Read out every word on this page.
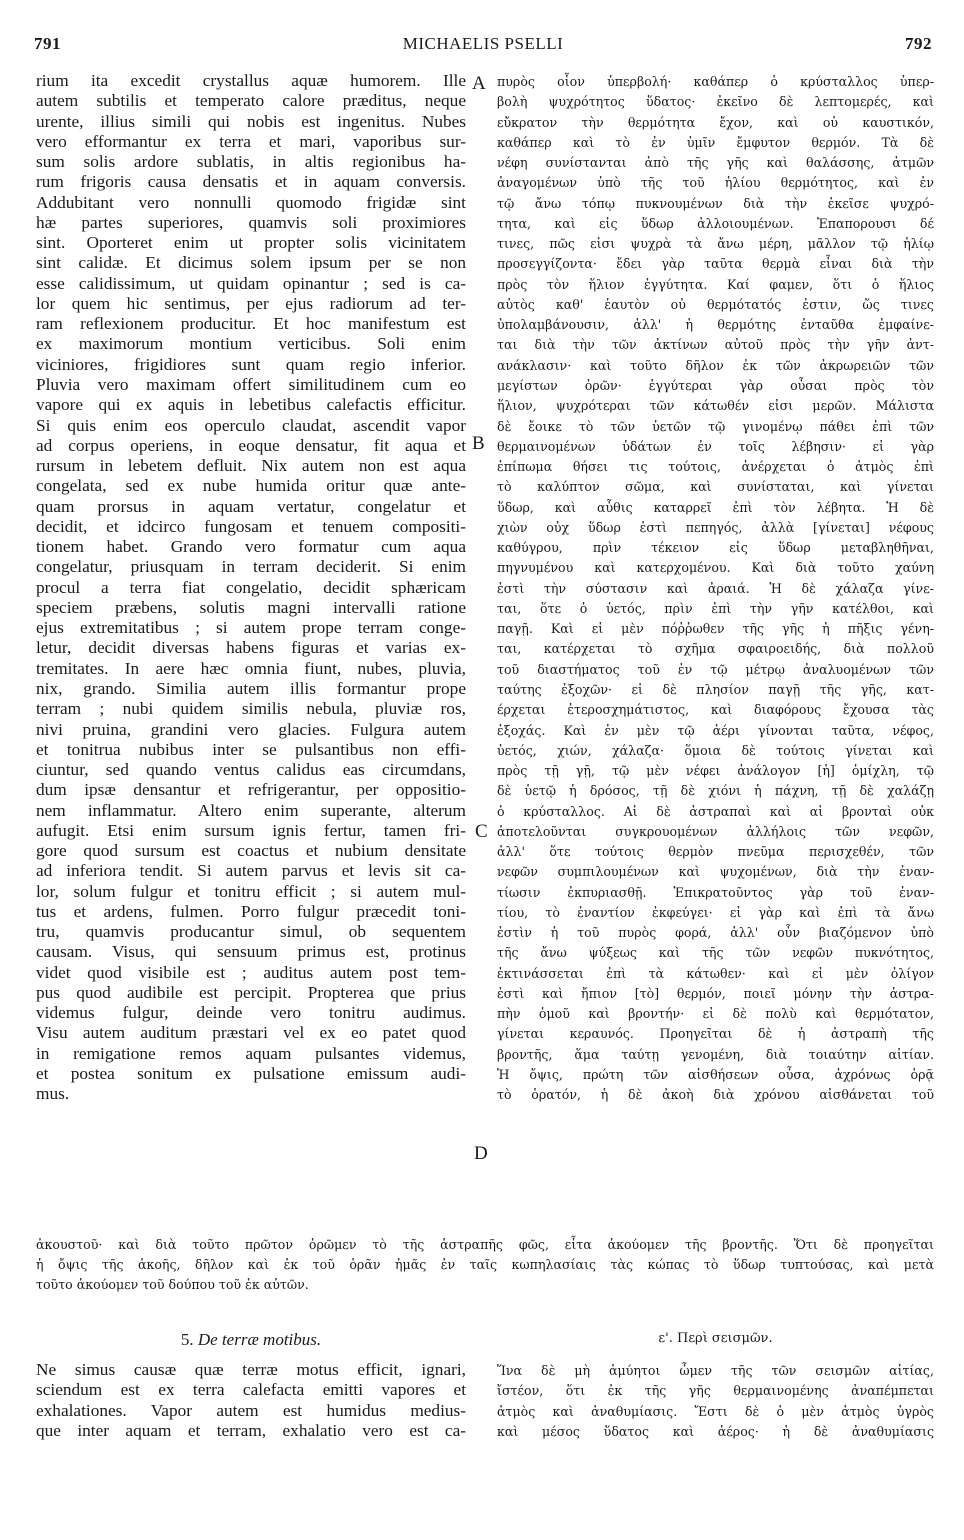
791	MICHAELIS PSELLI	792
A
B
C
D
rium ita excedit crystallus aquæ humorem. Ille
autem subtilis et temperato calore præditus, neque
urente, illius simili qui nobis est ingenitus. Nubes
vero efformantur ex terra et mari, vaporibus sur-
sum solis ardore sublatis, in altis regionibus ha-
rum frigoris causa densatis et in aquam conversis.
Addubitant vero nonnulli quomodo frigidæ sint
hæ partes superiores, quamvis soli proximiores
sint. Oporteret enim ut propter solis vicinitatem
sint calidæ. Et dicimus solem ipsum per se non
esse calidissimum, ut quidam opinantur ; sed is ca-
lor quem hic sentimus, per ejus radiorum ad ter-
ram reflexionem producitur. Et hoc manifestum est
ex maximorum montium verticibus. Soli enim
viciniores, frigidiores sunt quam regio inferior.
Pluvia vero maximam offert similitudinem cum eo
vapore qui ex aquis in lebetibus calefactis efficitur.
Si quis enim eos operculo claudat, ascendit vapor
ad corpus operiens, in eoque densatur, fit aqua et
rursum in lebetem defluit. Nix autem non est aqua
congelata, sed ex nube humida oritur quæ ante-
quam prorsus in aquam vertatur, congelatur et
decidit, et idcirco fungosam et tenuem compositi-
tionem habet. Grando vero formatur cum aqua
congelatur, priusquam in terram deciderit. Si enim
procul a terra fiat congelatio, decidit sphæricam
speciem præbens, solutis magni intervalli ratione
ejus extremitatibus ; si autem prope terram conge-
letur, decidit diversas habens figuras et varias ex-
tremitates. In aere hæc omnia fiunt, nubes, pluvia,
nix, grando. Similia autem illis formantur prope
terram ; nubi quidem similis nebula, pluviæ ros,
nivi pruina, grandini vero glacies. Fulgura autem
et tonitrua nubibus inter se pulsantibus non effi-
ciuntur, sed quando ventus calidus eas circumdans,
dum ipsæ densantur et refrigerantur, per oppositio-
nem inflammatur. Altero enim superante, alterum
aufugit. Etsi enim sursum ignis fertur, tamen fri-
gore quod sursum est coactus et nubium densitate
ad inferiora tendit. Si autem parvus et levis sit ca-
lor, solum fulgur et tonitru efficit ; si autem mul-
tus et ardens, fulmen. Porro fulgur præcedit toni-
tru, quamvis producantur simul, ob sequentem
causam. Visus, qui sensuum primus est, protinus
videt quod visibile est ; auditus autem post tem-
pus quod audibile est percipit. Propterea que prius
videmus fulgur, deinde vero tonitru audimus.
Visu autem auditum præstari vel ex eo patet quod
in remigatione remos aquam pulsantes videmus,
et postea sonitum ex pulsatione emissum audi-
mus.
πυρὸς οἷον ὑπερβολή· καθάπερ ὁ κρύσταλλος ὑπερ-
βολὴ ψυχρότητος ὕδατος· ἐκεῖνο δὲ λεπτομερές, καὶ
εὔκρατον τὴν θερμότητα ἔχον, καὶ οὐ καυστικόν,
καθάπερ καὶ τὸ ἐν ὑμῖν ἔμφυτον θερμόν. Τὰ δὲ
νέφη συνίστανται ἀπὸ τῆς γῆς καὶ θαλάσσης, ἀτμῶν
ἀναγομένων ὑπὸ τῆς τοῦ ἡλίου θερμότητος, καὶ ἐν
τῷ ἄνω τόπῳ πυκνουμένων διὰ τὴν ἐκεῖσε ψυχρό-
τητα, καὶ εἰς ὕδωρ ἀλλοιουμένων. Ἐπαπορουσι δέ
τινες, πῶς εἰσι ψυχρὰ τὰ ἄνω μέρη, μᾶλλον τῷ ἡλίῳ
προσεγγίζοντα· ἔδει γὰρ ταῦτα θερμὰ εἶναι διὰ τὴν
πρὸς τὸν ἥλιον ἐγγύτητα. Καί φαμεν, ὅτι ὁ ἥλιος
αὐτὸς καθ' ἑαυτὸν οὐ θερμότατός ἐστιν, ὥς τινες
ὑπολαμβάνουσιν, ἀλλ' ἡ θερμότης ἐνταῦθα ἐμφαίνε-
ται διὰ τὴν τῶν ἀκτίνων αὐτοῦ πρὸς τὴν γῆν ἀντ-
ανάκλασιν· καὶ τοῦτο δῆλον ἐκ τῶν ἀκρωρειῶν τῶν
μεγίστων ὀρῶν· ἐγγύτεραι γὰρ οὖσαι πρὸς τὸν
ἥλιον, ψυχρότεραι τῶν κάτωθέν εἰσι μερῶν. Μάλιστα
δὲ ἔοικε τὸ τῶν ὑετῶν τῷ γινομένῳ πάθει ἐπὶ τῶν
θερμαινομένων ὑδάτων ἐν τοῖς λέβησιν· εἰ γὰρ
ἐπίπωμα θήσει τις τούτοις, ἀνέρχεται ὁ ἀτμὸς ἐπὶ
τὸ καλύπτον σῶμα, καὶ συνίσταται, καὶ γίνεται
ὕδωρ, καὶ αὖθις καταρρεῖ ἐπὶ τὸν λέβητα. Ἡ δὲ
χιὼν οὐχ ὕδωρ ἐστὶ πεπηγός, ἀλλὰ [γίνεται] νέφους
καθύγρου, πρὶν τέκειον εἰς ὕδωρ μεταβληθῆναι,
πηγνυμένου καὶ κατερχομένου. Καὶ διὰ τοῦτο χαύνη
ἐστὶ τὴν σύστασιν καὶ ἀραιά. Ἡ δὲ χάλαζα γίνε-
ται, ὅτε ὁ ὑετός, πρὶν ἐπὶ τὴν γῆν κατέλθοι, καὶ
παγῇ. Καὶ εἰ μὲν πόῤῥωθεν τῆς γῆς ἡ πῆξις γένη-
ται, κατέρχεται τὸ σχῆμα σφαιροειδής, διὰ πολλοῦ
τοῦ διαστήματος τοῦ ἐν τῷ μέτρῳ ἀναλυομένων τῶν
ταύτης ἐξοχῶν· εἰ δὲ πλησίον παγῇ τῆς γῆς, κατ-
έρχεται ἑτεροσχημάτιστος, καὶ διαφόρους ἔχουσα τὰς
ἐξοχάς. Καὶ ἐν μὲν τῷ ἀέρι γίνονται ταῦτα, νέφος,
ὑετός, χιών, χάλαζα· ὅμοια δὲ τούτοις γίνεται καὶ
πρὸς τῇ γῇ, τῷ μὲν νέφει ἀνάλογον [ἡ] ὁμίχλη, τῷ
δὲ ὑετῷ ἡ δρόσος, τῇ δὲ χιόνι ἡ πάχνη, τῇ δὲ χαλάζῃ
ὁ κρύσταλλος. Αἱ δὲ ἀστραπαὶ καὶ αἱ βρονταὶ οὐκ
ἀποτελοῦνται συγκρουομένων ἀλλήλοις τῶν νεφῶν,
ἀλλ' ὅτε τούτοις θερμὸν πνεῦμα περισχεθέν, τῶν
νεφῶν συμπιλουμένων καὶ ψυχομένων, διὰ τὴν ἐναν-
τίωσιν ἐκπυριασθῇ. Ἐπικρατοῦντος γὰρ τοῦ ἐναν-
τίου, τὸ ἐναντίον ἐκφεύγει· εἰ γὰρ καὶ ἐπὶ τὰ ἄνω
ἐστὶν ἡ τοῦ πυρὸς φορά, ἀλλ' οὖν βιαζόμενον ὑπὸ
τῆς ἄνω ψύξεως καὶ τῆς τῶν νεφῶν πυκνότητος,
ἐκτινάσσεται ἐπὶ τὰ κάτωθεν· καὶ εἰ μὲν ὀλίγον
ἐστὶ καὶ ἤπιον [τὸ] θερμόν, ποιεῖ μόνην τὴν ἀστρα-
πὴν ὁμοῦ καὶ βροντήν· εἰ δὲ πολὺ καὶ θερμότατον,
γίνεται κεραυνός. Προηγεῖται δὲ ἡ ἀστραπὴ τῆς
βροντῆς, ἅμα ταύτῃ γενομένη, διὰ τοιαύτην αἰτίαν.
Ἡ ὄψις, πρώτη τῶν αἰσθήσεων οὖσα, ἀχρόνως ὁρᾷ
τὸ ὁρατόν, ἡ δὲ ἀκοὴ διὰ χρόνου αἰσθάνεται τοῦ
ἀκουστοῦ· καὶ διὰ τοῦτο πρῶτον ὁρῶμεν τὸ τῆς ἀστραπῆς φῶς, εἶτα ἀκούομεν τῆς βροντῆς. Ὅτι δὲ προηγεῖται
ἡ ὄψις τῆς ἀκοῆς, δῆλον καὶ ἐκ τοῦ ὁρᾶν ἡμᾶς ἐν ταῖς κωπηλασίαις τὰς κώπας τὸ ὕδωρ τυπτούσας, καὶ μετὰ
τοῦτο ἀκούομεν τοῦ δούπου τοῦ ἐκ αὐτῶν.
5. De terræ motibus.	ε'. Περὶ σεισμῶν.
Ne simus causæ quæ terræ motus efficit, ignari,
sciendum est ex terra calefacta emitti vapores et
exhalationes. Vapor autem est humidus medius-
que inter aquam et terram, exhalatio vero est ca-
Ἵνα δὲ μὴ ἀμύητοι ὦμεν τῆς τῶν σεισμῶν αἰτίας,
ἴστέον, ὅτι ἐκ τῆς γῆς θερμαινομένης ἀναπέμπεται
ἀτμὸς καὶ ἀναθυμίασις. Ἔστι δὲ ὁ μὲν ἀτμὸς ὑγρὸς
καὶ μέσος ὕδατος καὶ ἀέρος· ἡ δὲ ἀναθυμίασις
